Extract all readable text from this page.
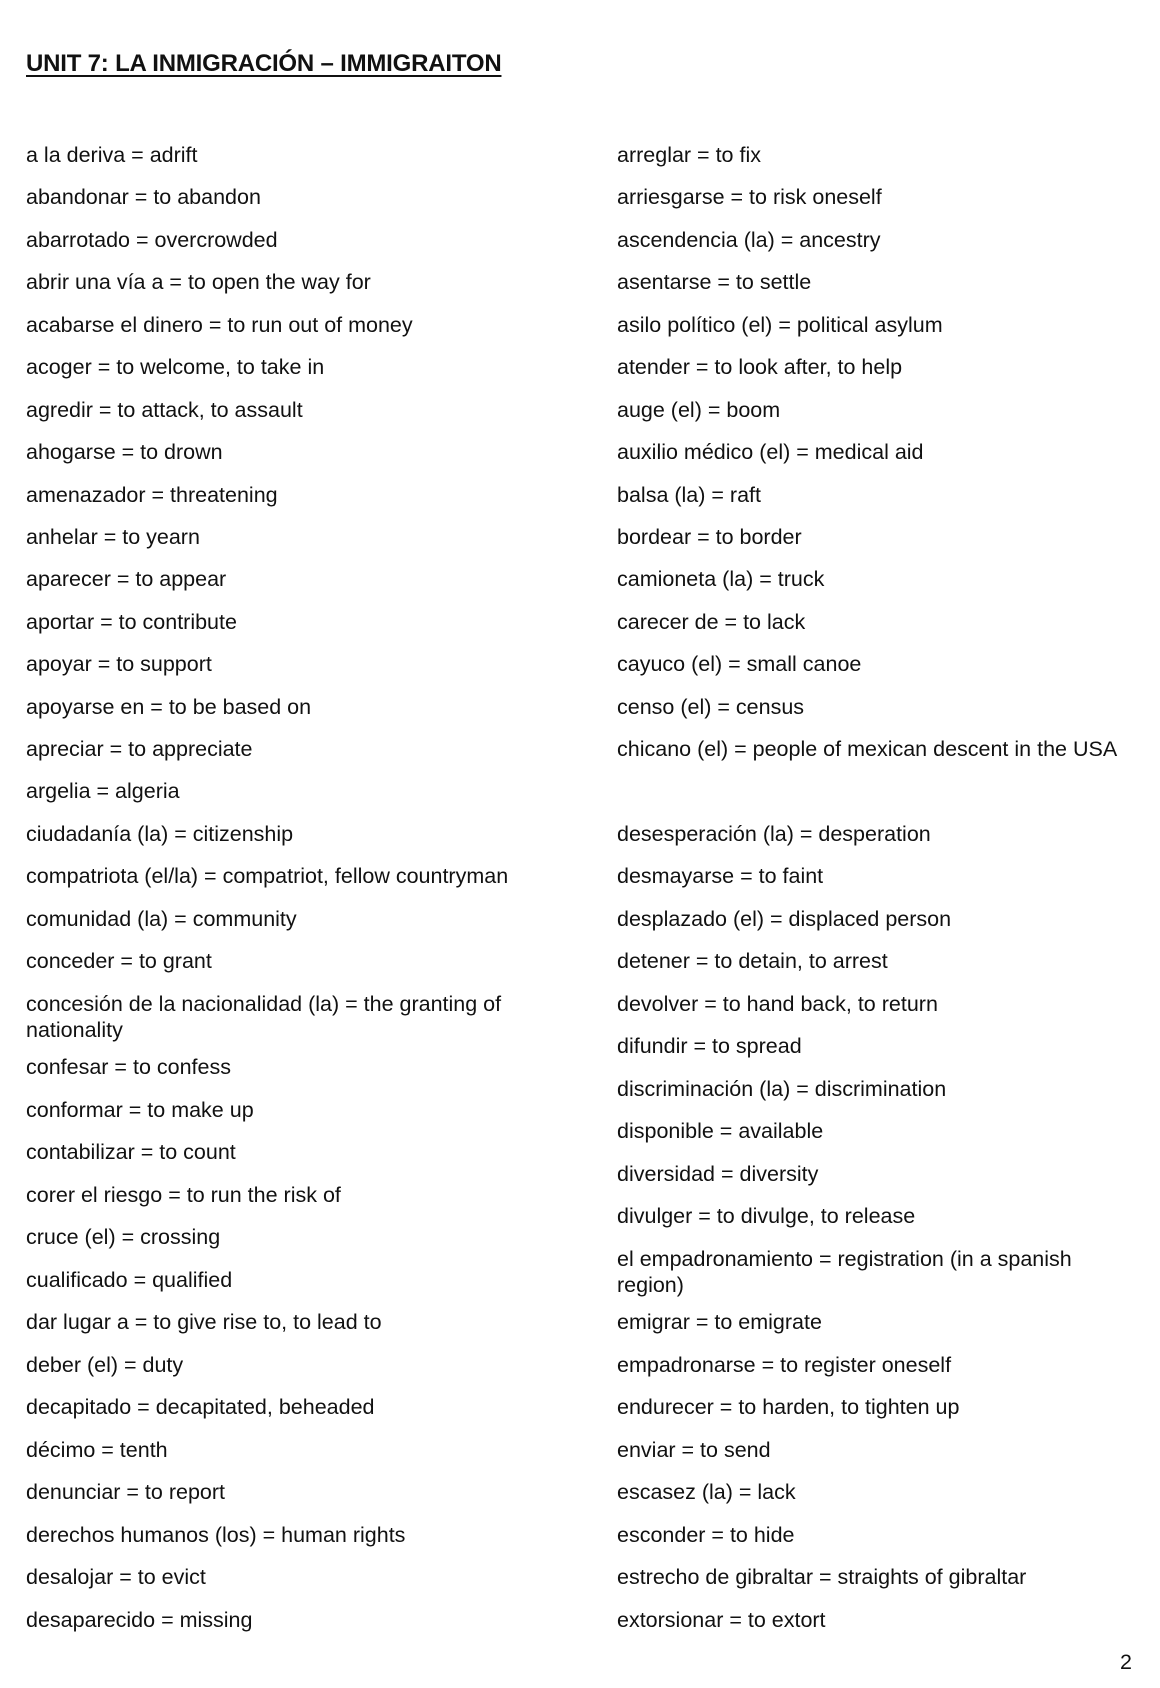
UNIT 7: LA INMIGRACIÓN – IMMIGRAITON
a la deriva = adrift
abandonar = to abandon
abarrotado = overcrowded
abrir una vía a = to open the way for
acabarse el dinero = to run out of money
acoger = to welcome, to take in
agredir = to attack, to assault
ahogarse = to drown
amenazador = threatening
anhelar = to yearn
aparecer = to appear
aportar = to contribute
apoyar = to support
apoyarse en = to be based on
apreciar = to appreciate
argelia = algeria
ciudadanía (la) = citizenship
compatriota (el/la) = compatriot, fellow countryman
comunidad (la) = community
conceder = to grant
concesión de la nacionalidad (la) = the granting of nationality
confesar = to confess
conformar = to make up
contabilizar = to count
corer el riesgo = to run the risk of
cruce (el) = crossing
cualificado = qualified
dar lugar a = to give rise to, to lead to
deber (el) = duty
decapitado = decapitated, beheaded
décimo = tenth
denunciar = to report
derechos humanos (los) = human rights
desalojar = to evict
desaparecido = missing
arreglar = to fix
arriesgarse = to risk oneself
ascendencia (la) = ancestry
asentarse = to settle
asilo político (el) = political asylum
atender = to look after, to help
auge (el) = boom
auxilio médico (el) = medical aid
balsa (la) = raft
bordear = to border
camioneta (la) = truck
carecer de = to lack
cayuco (el) = small canoe
censo (el) = census
chicano (el) = people of mexican descent in the USA
desesperación (la) = desperation
desmayarse = to faint
desplazado (el) = displaced person
detener = to detain, to arrest
devolver = to hand back, to return
difundir = to spread
discriminación (la) = discrimination
disponible = available
diversidad = diversity
divulger = to divulge, to release
el empadronamiento = registration (in a spanish region)
emigrar = to emigrate
empadronarse = to register oneself
endurecer = to harden, to tighten up
enviar = to send
escasez (la) = lack
esconder = to hide
estrecho de gibraltar = straights of gibraltar
extorsionar = to extort
2
